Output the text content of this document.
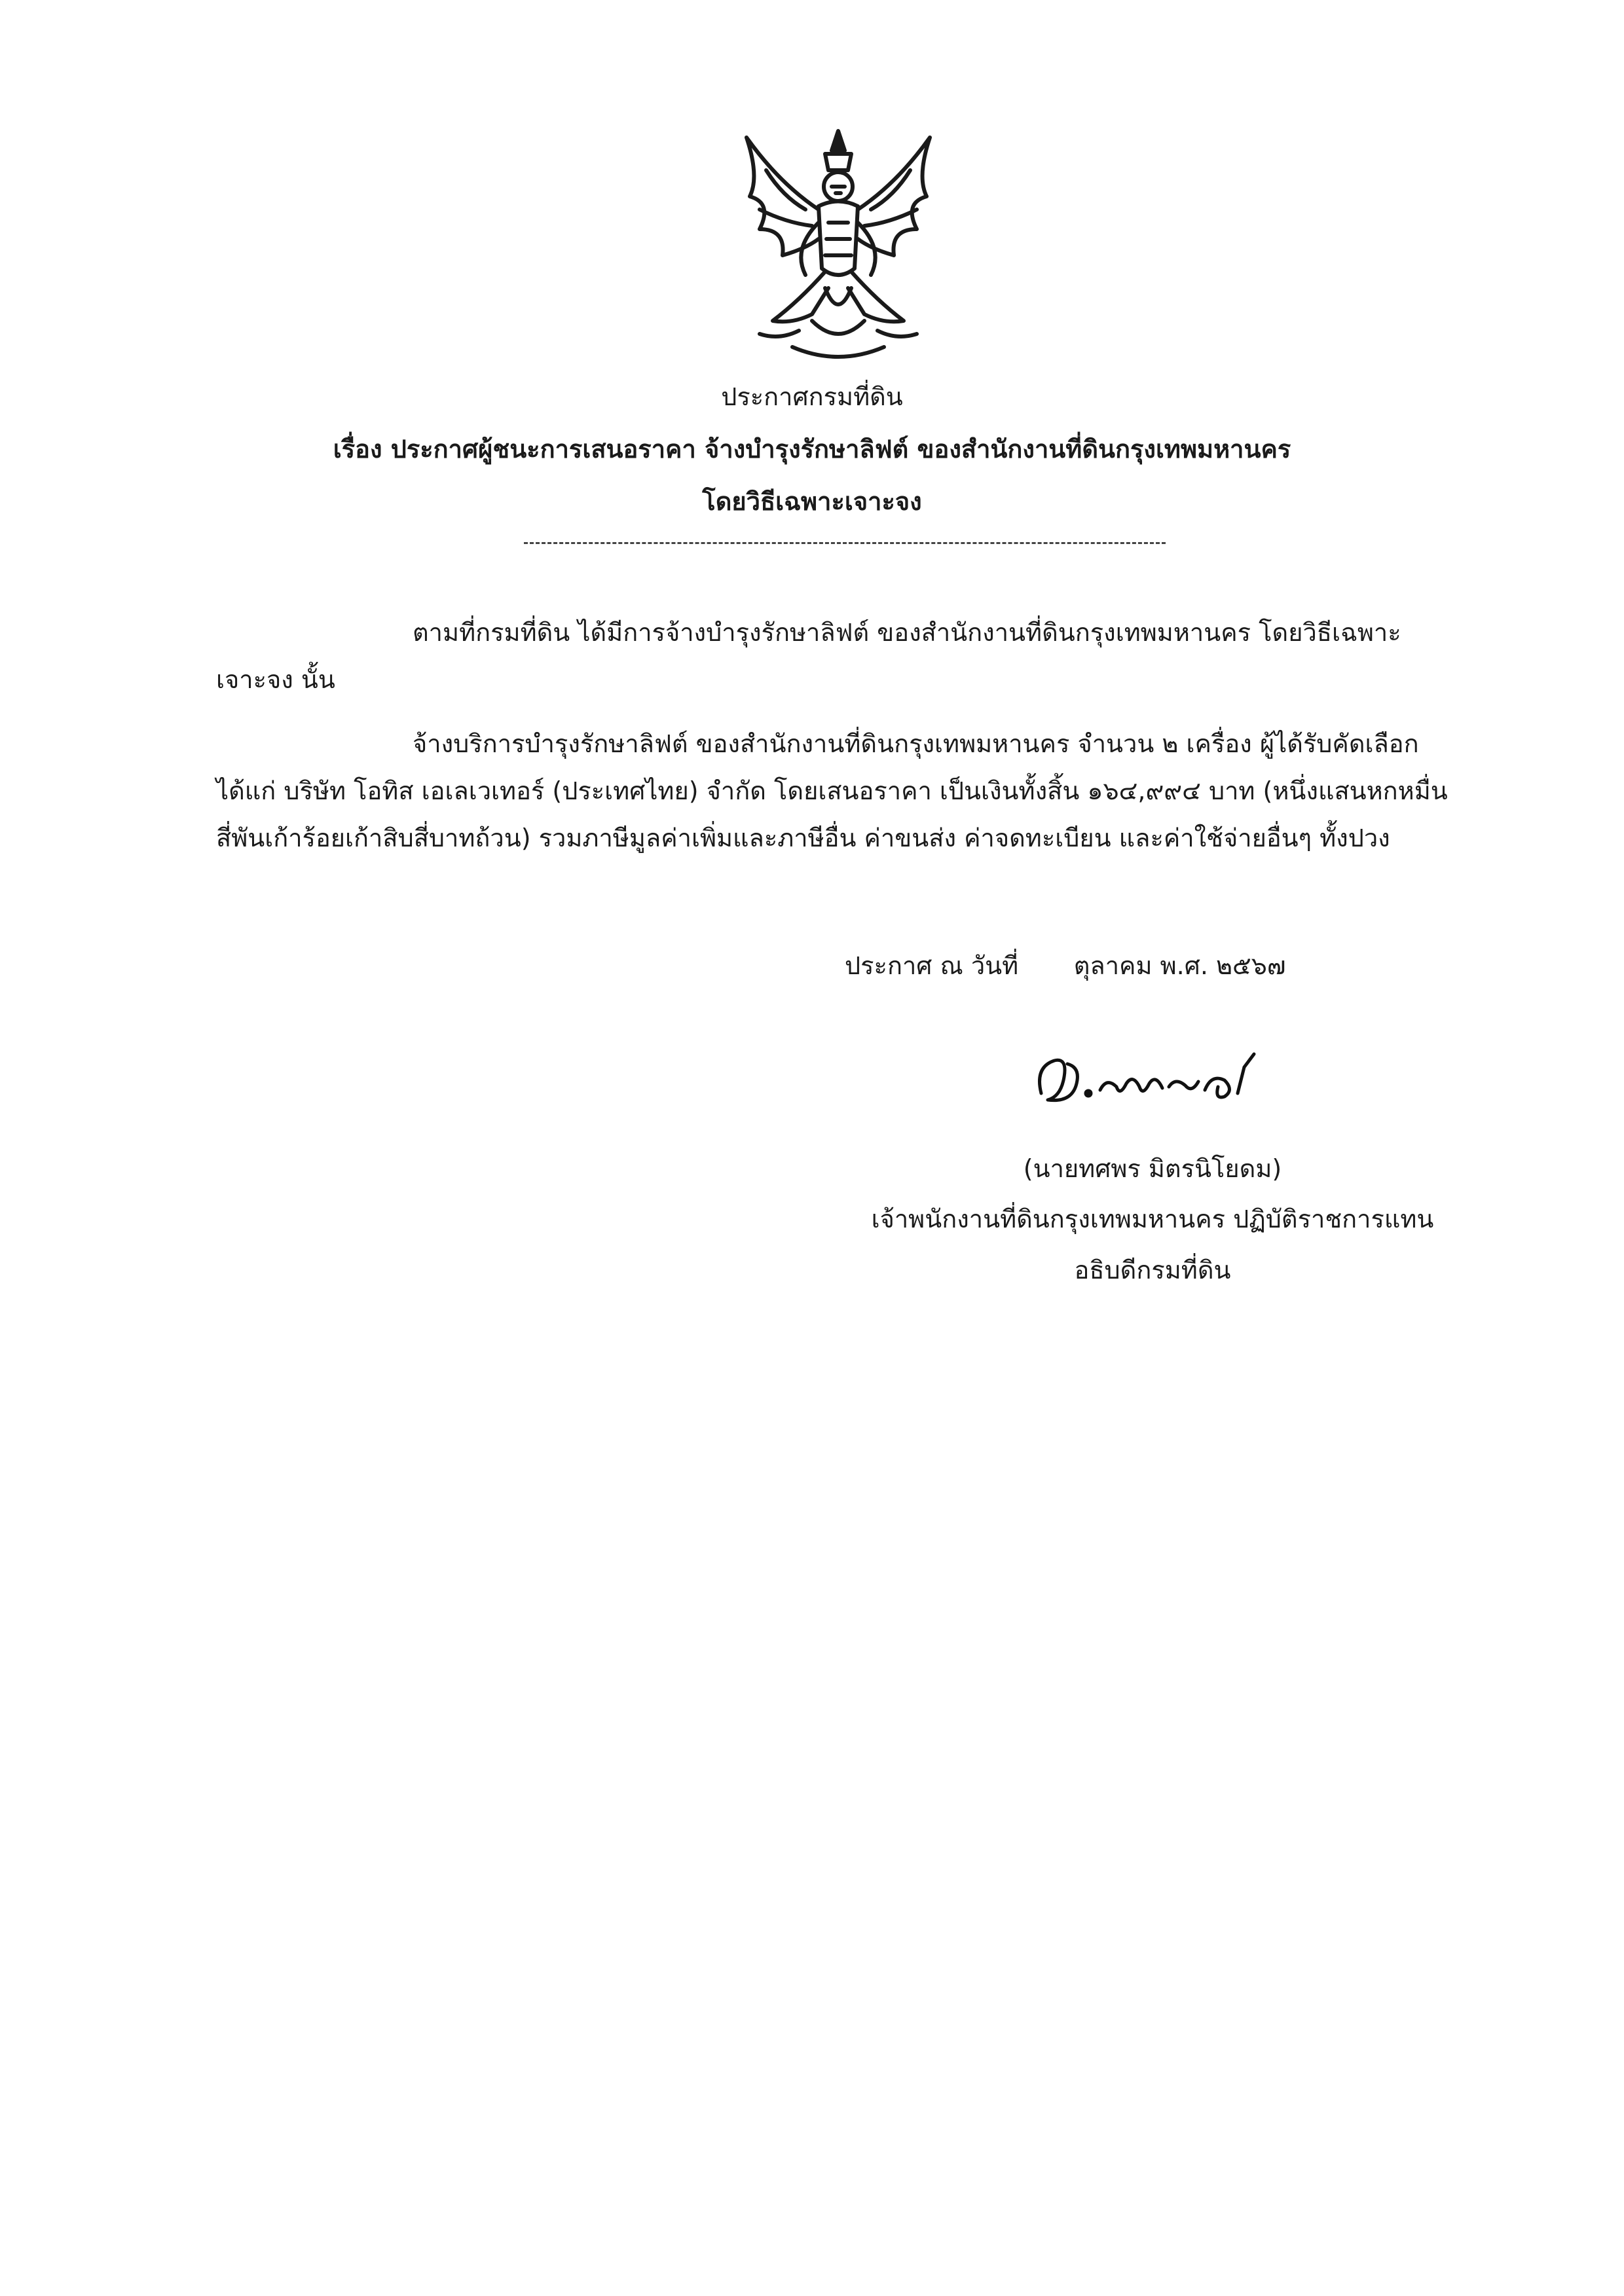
ประกาศกรมที่ดิน
เรื่อง ประกาศผู้ชนะการเสนอราคา จ้างบำรุงรักษาลิฟต์ ของสำนักงานที่ดินกรุงเทพมหานคร
โดยวิธีเฉพาะเจาะจง
ตามที่กรมที่ดิน ได้มีการจ้างบำรุงรักษาลิฟต์ ของสำนักงานที่ดินกรุงเทพมหานคร โดยวิธีเฉพาะเจาะจง นั้น
จ้างบริการบำรุงรักษาลิฟต์ ของสำนักงานที่ดินกรุงเทพมหานคร จำนวน ๒ เครื่อง ผู้ได้รับคัดเลือก ได้แก่ บริษัท โอทิส เอเลเวเทอร์ (ประเทศไทย) จำกัด โดยเสนอราคา เป็นเงินทั้งสิ้น ๑๖๔,๙๙๔ บาท (หนึ่งแสนหกหมื่นสี่พันเก้าร้อยเก้าสิบสี่บาทถ้วน) รวมภาษีมูลค่าเพิ่มและภาษีอื่น ค่าขนส่ง ค่าจดทะเบียน และค่าใช้จ่ายอื่นๆ ทั้งปวง
ประกาศ ณ วันที่       ตุลาคม พ.ศ. ๒๕๖๗
(นายทศพร มิตรนิโยดม)
เจ้าพนักงานที่ดินกรุงเทพมหานคร ปฏิบัติราชการแทน
อธิบดีกรมที่ดิน
